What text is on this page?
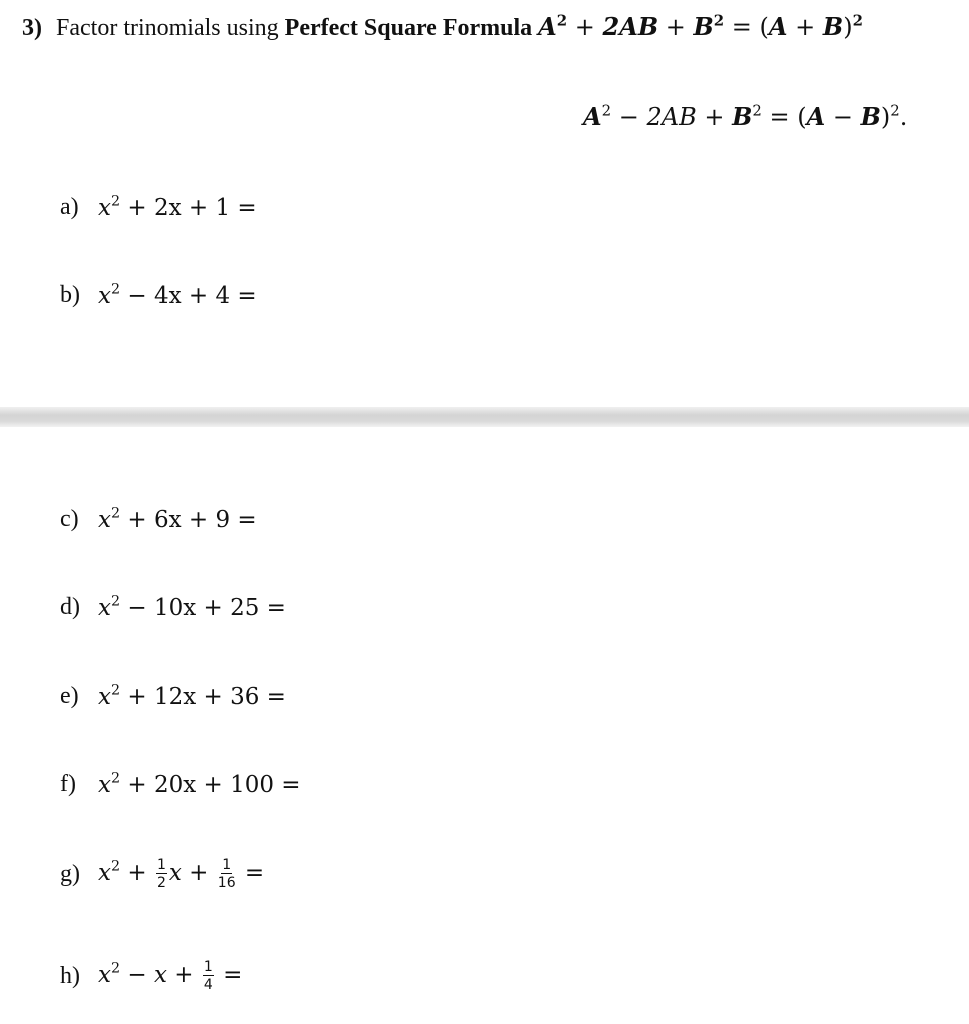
3) Factor trinomials using Perfect Square Formula $A^2 + 2AB + B^2 = (A + B)^2$
$A^2 - 2AB + B^2 = (A - B)^2$.
a) $x^2 + 2x + 1$ =
b) $x^2 - 4x + 4$ =
c) $x^2 + 6x + 9$ =
d) $x^2 - 10x + 25$ =
e) $x^2 + 12x + 36$ =
f) $x^2 + 20x + 100$ =
g) $x^2 + \frac{1}{2}$ $x + \frac{1}{16}$ =
h) $x^2 - x + \frac{1}{4}$ =
